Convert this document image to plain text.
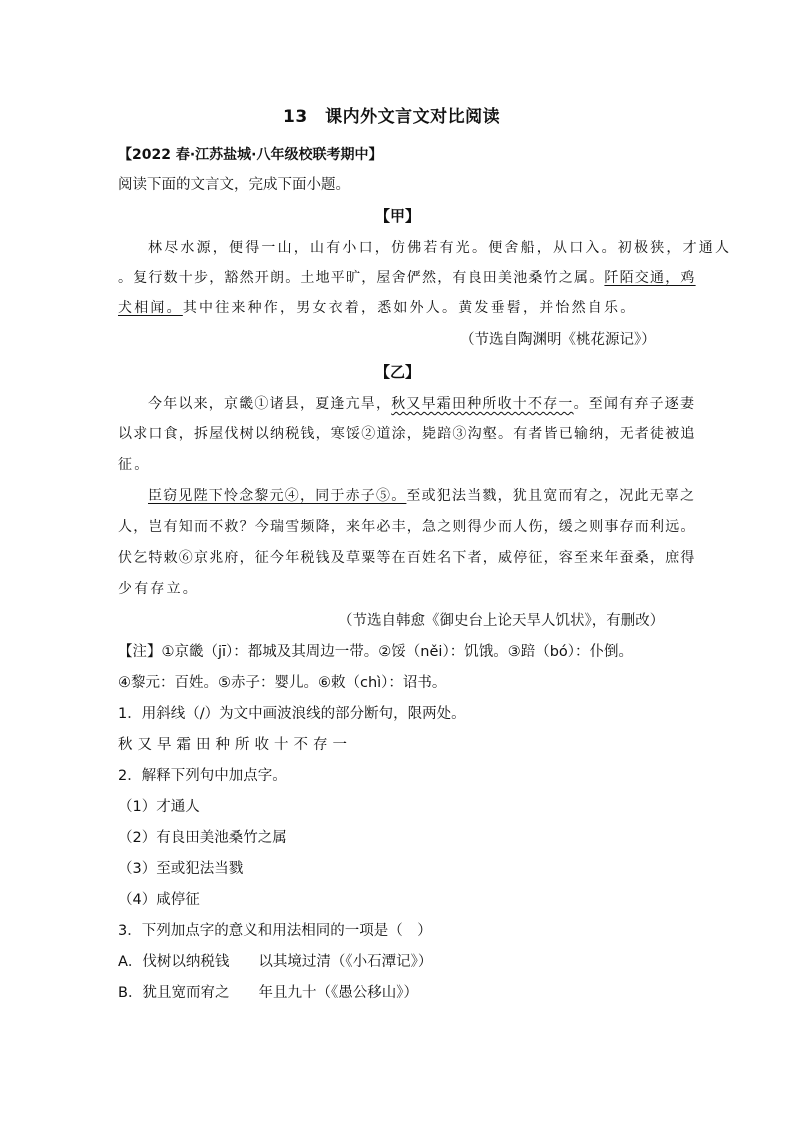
13　课内外文言文对比阅读
【2022 春·江苏盐城·八年级校联考期中】
阅读下面的文言文，完成下面小题。
【甲】
林尽水源，便得一山，山有小口，仿佛若有光。便舍船，从口入。初极狭，才通人
。复行数十步，豁然开朗。土地平旷，屋舍俨然，有良田美池桑竹之属。阡陌交通，鸡
犬相闻。其中往来种作，男女衣着，悉如外人。黄发垂髫，并怡然自乐。
（节选自陶渊明《桃花源记》）
【乙】
今年以来，京畿①诸县，夏逢亢旱，秋又早霜田种所收十不存一。至闻有弃子逐妻
以求口食，拆屋伐树以纳税钱，寒馁②道涂，毙踣③沟壑。有者皆已输纳，无者徒被追
征。
臣窃见陛下怜念黎元④，同于赤子⑤。至或犯法当戮，犹且宽而宥之，况此无辜之
人，岂有知而不救？今瑞雪频降，来年必丰，急之则得少而人伤，缓之则事存而利远。
伏乞特敕⑥京兆府，征今年税钱及草粟等在百姓名下者，威停征，容至来年蚕桑，庶得
少有存立。
（节选自韩愈《御史台上论天旱人饥状》，有删改）
【注】①京畿（jī）：都城及其周边一带。②馁（něi）：饥饿。③踣（bó）：仆倒。
④黎元：百姓。⑤赤子：婴儿。⑥敕（chì）：诏书。
1．用斜线（/）为文中画波浪线的部分断句，限两处。
秋又早霜田种所收十不存一
2．解释下列句中加点字。
（1）才通人
（2）有良田美池桑竹之属
（3）至或犯法当戮
（4）咸停征
3．下列加点字的意义和用法相同的一项是（　）
A．伐树以纳税钱　　以其境过清（《小石潭记》）
B．犹且宽而宥之　　年且九十（《愚公移山》）
